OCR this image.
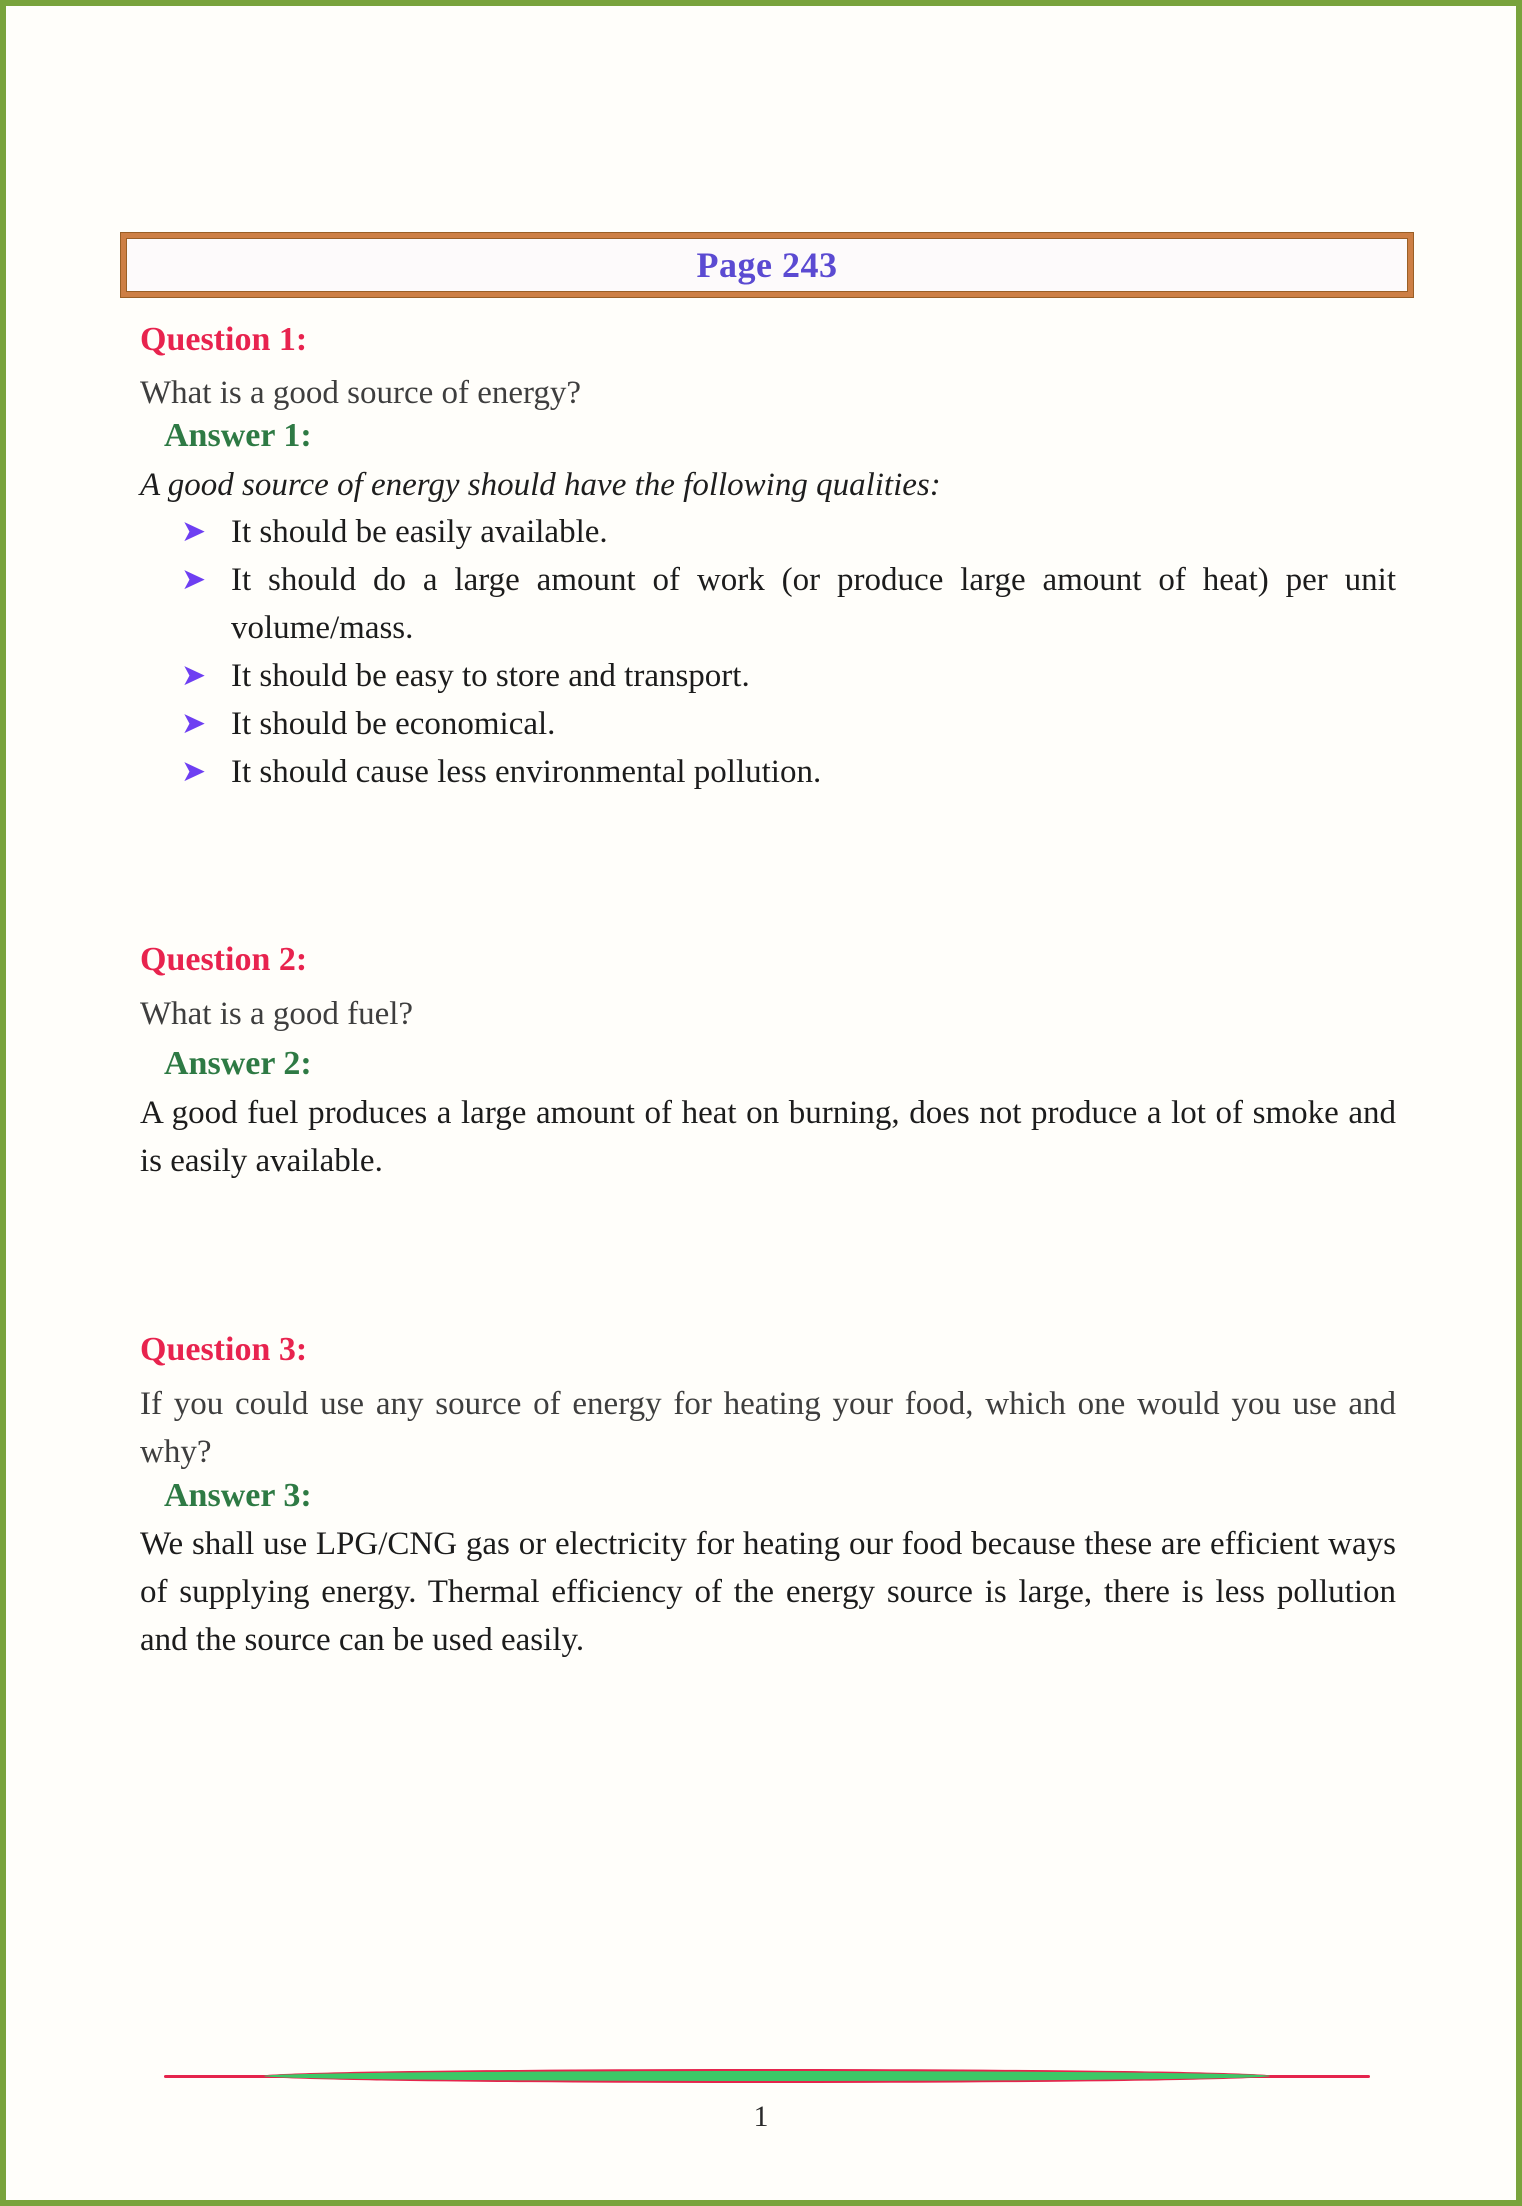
Page 243
Question 1:
What is a good source of energy?
Answer 1:
A good source of energy should have the following qualities:
➤ It should be easily available.
➤ It should do a large amount of work (or produce large amount of heat) per unit volume/mass.
➤ It should be easy to store and transport.
➤ It should be economical.
➤ It should cause less environmental pollution.
Question 2:
What is a good fuel?
Answer 2:
A good fuel produces a large amount of heat on burning, does not produce a lot of smoke and is easily available.
Question 3:
If you could use any source of energy for heating your food, which one would you use and why?
Answer 3:
We shall use LPG/CNG gas or electricity for heating our food because these are efficient ways of supplying energy. Thermal efficiency of the energy source is large, there is less pollution and the source can be used easily.
1
